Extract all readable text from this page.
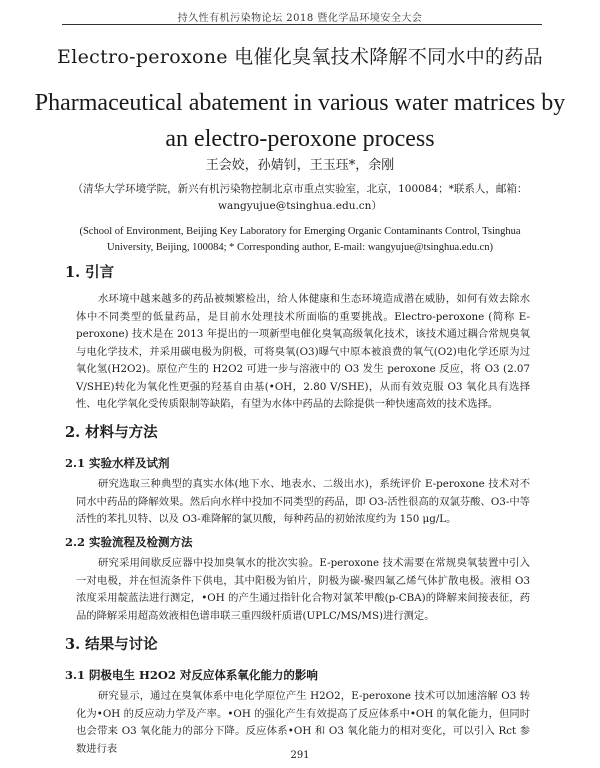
持久性有机污染物论坛 2018 暨化学品环境安全大会
Electro-peroxone 电催化臭氧技术降解不同水中的药品
Pharmaceutical abatement in various water matrices by an electro-peroxone process
王会姣，孙婧钊，王玉珏*，余刚
（清华大学环境学院，新兴有机污染物控制北京市重点实验室，北京，100084；*联系人，邮箱：wangyujue@tsinghua.edu.cn）
(School of Environment, Beijing Key Laboratory for Emerging Organic Contaminants Control, Tsinghua University, Beijing, 100084; * Corresponding author, E-mail: wangyujue@tsinghua.edu.cn)
1. 引言

水环境中越来越多的药品被频繁检出，给人体健康和生态环境造成潜在威胁，如何有效去除水体中不同类型的低量药品，是目前水处理技术所面临的重要挑战。Electro-peroxone (简称 E-peroxone) 技术是在 2013 年提出的一项新型电催化臭氧高级氧化技术，该技术通过耦合常规臭氧与电化学技术，并采用碳电极为阴极，可将臭氧(O3)曝气中原本被浪费的氧气(O2)电化学还原为过氧化氢(H2O2)。原位产生的 H2O2 可进一步与溶液中的 O3 发生 peroxone 反应，将 O3 (2.07 V/SHE)转化为氧化性更强的羟基自由基(•OH，2.80 V/SHE)，从而有效克服 O3 氧化具有选择性、电化学氧化受传质限制等缺陷，有望为水体中药品的去除提供一种快速高效的技术选择。

2. 材料与方法
2.1 实验水样及试剂

研究选取三种典型的真实水体(地下水、地表水、二级出水)，系统评价 E-peroxone 技术对不同水中药品的降解效果。然后向水样中投加不同类型的药品，即 O3-活性很高的双氯芬酸、O3-中等活性的苯扎贝特、以及 O3-难降解的氯贝酸，每种药品的初始浓度约为 150 μg/L。

2.2 实验流程及检测方法

研究采用间歇反应器中投加臭氧水的批次实验。E-peroxone 技术需要在常规臭氧装置中引入一对电极，并在恒流条件下供电，其中阳极为铂片，阴极为碳-聚四氟乙烯气体扩散电极。液相 O3 浓度采用靛蓝法进行测定，•OH 的产生通过指针化合物对氯苯甲酸(p-CBA)的降解来间接表征，药品的降解采用超高效液相色谱串联三重四级杆质谱(UPLC/MS/MS)进行测定。

3. 结果与讨论
3.1 阴极电生 H2O2 对反应体系氧化能力的影响

研究显示，通过在臭氧体系中电化学原位产生 H2O2，E-peroxone 技术可以加速溶解 O3 转化为•OH 的反应动力学及产率。•OH 的强化产生有效提高了反应体系中•OH 的氧化能力，但同时也会带来 O3 氧化能力的部分下降。反应体系•OH 和 O3 氧化能力的相对变化，可以引入 Rct 参数进行表

291
